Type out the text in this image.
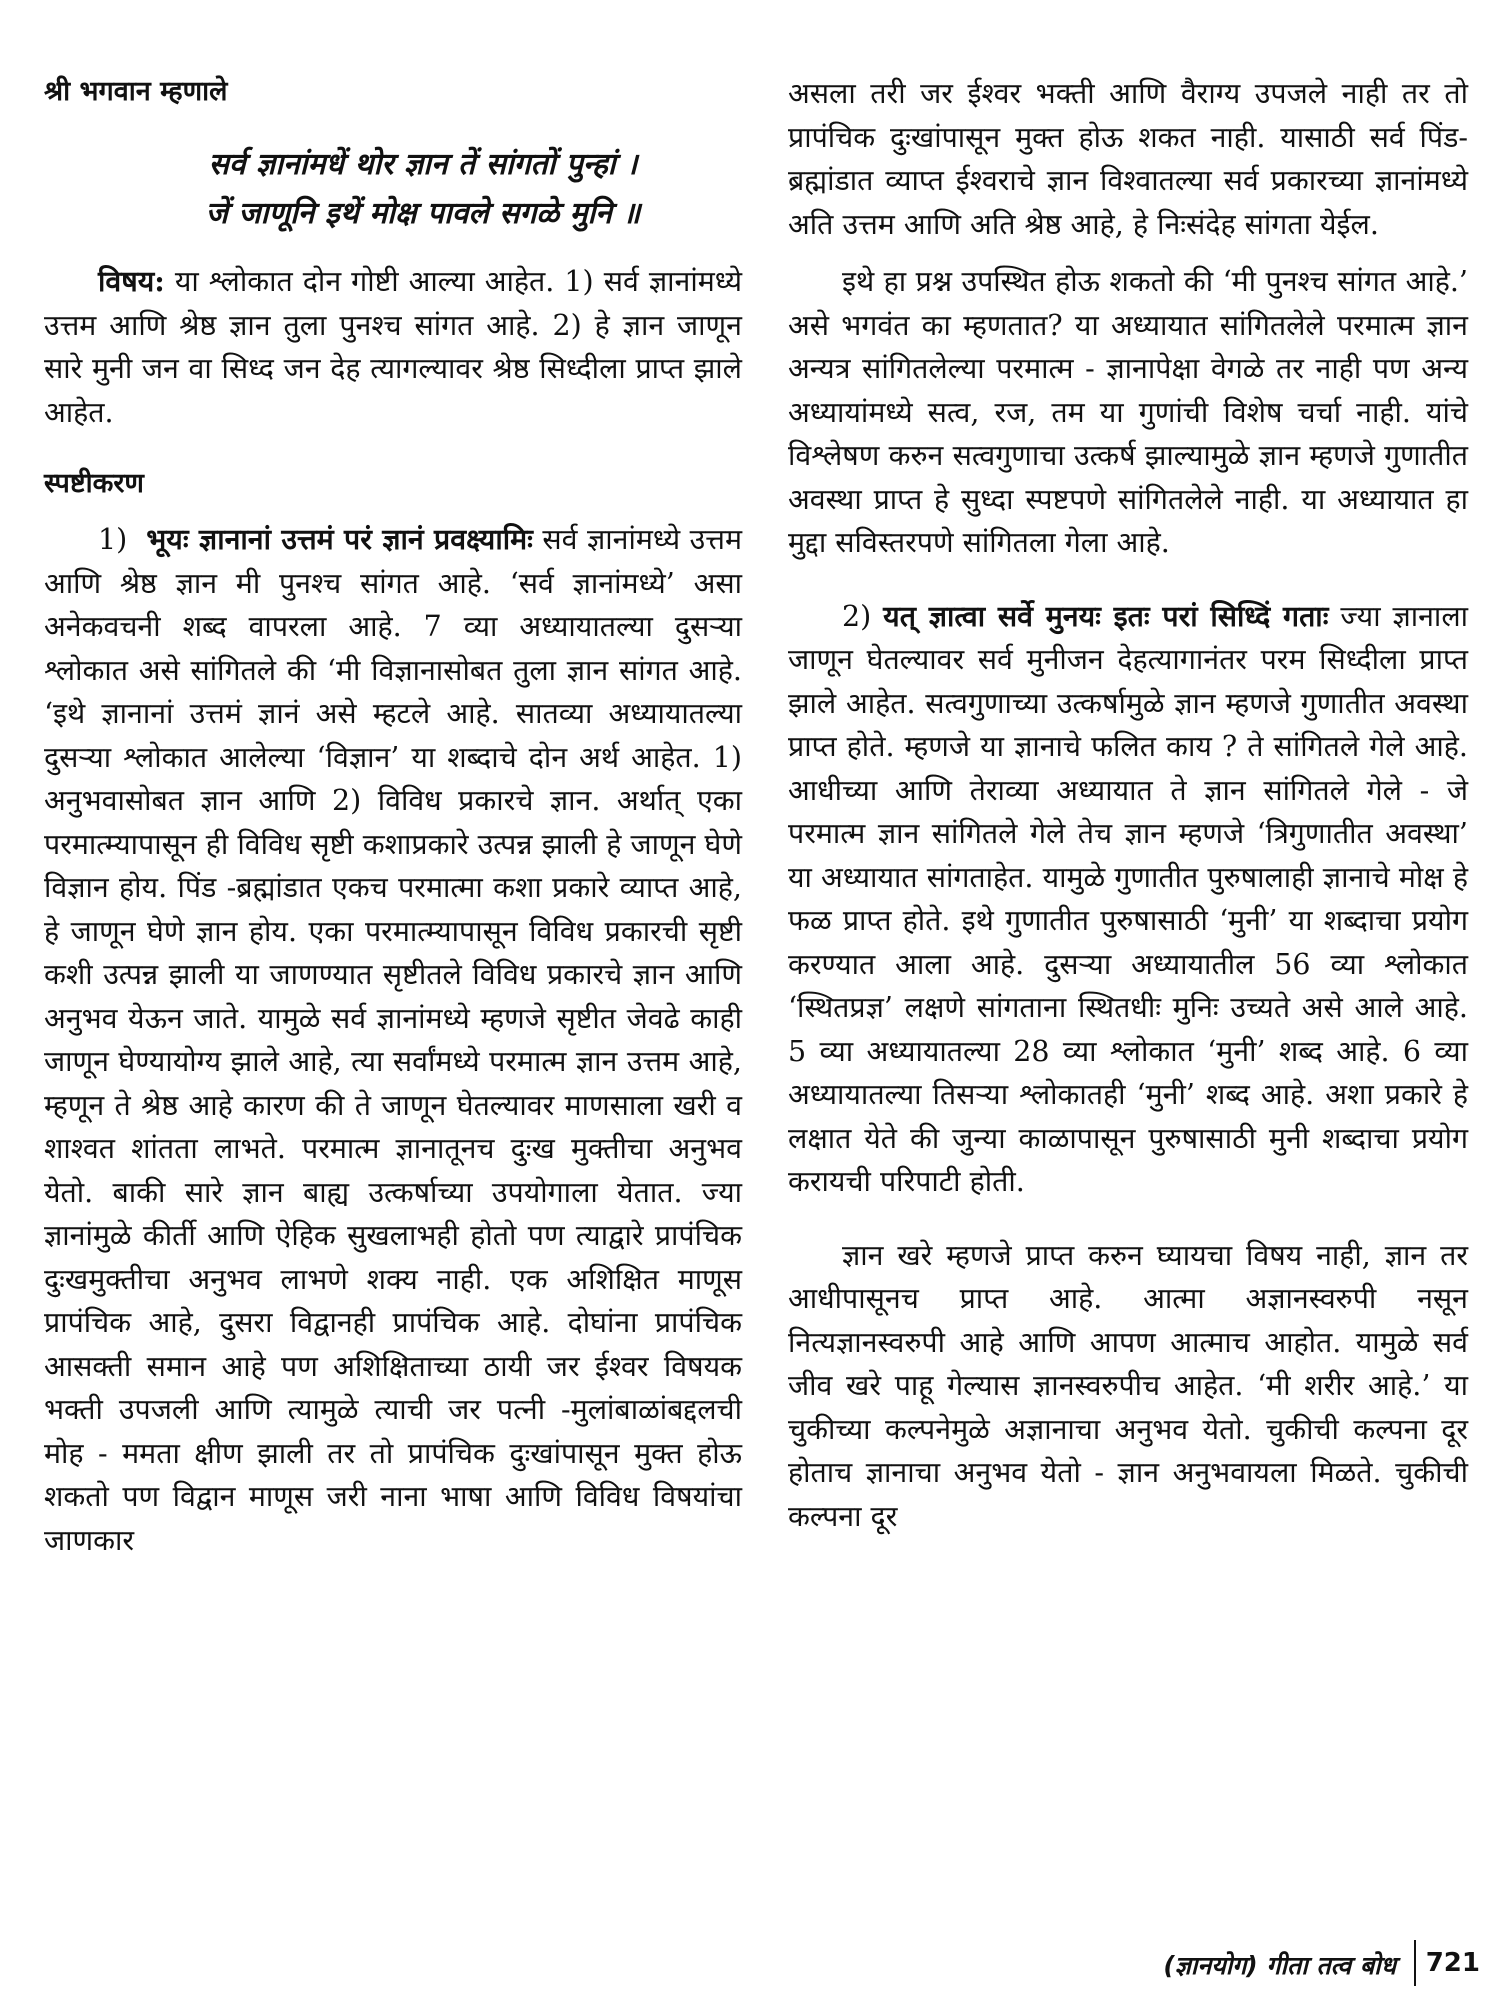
श्री भगवान म्हणाले

सर्व ज्ञानांमधें थोर ज्ञान तें सांगतों पुन्हां ।
जें जाणूनि इथें मोक्ष पावले सगळे मुनि ॥

विषय: या श्लोकात दोन गोष्टी आल्या आहेत. 1) सर्व ज्ञानांमध्ये उत्तम आणि श्रेष्ठ ज्ञान तुला पुनश्च सांगत आहे. 2) हे ज्ञान जाणून सारे मुनी जन वा सिध्द जन देह त्यागल्यावर श्रेष्ठ सिध्दीला प्राप्त झाले आहेत.

स्पष्टीकरण

1) भूयः ज्ञानानां उत्तमं परं ज्ञानं प्रवक्ष्यामिः सर्व ज्ञानांमध्ये उत्तम आणि श्रेष्ठ ज्ञान मी पुनश्च सांगत आहे. ‘सर्व ज्ञानांमध्ये’ असा अनेकवचनी शब्द वापरला आहे. 7 व्या अध्यायातल्या दुसऱ्या श्लोकात असे सांगितले की ‘मी विज्ञानासोबत तुला ज्ञान सांगत आहे. ‘इथे ज्ञानानां उत्तमं ज्ञानं असे म्हटले आहे. सातव्या अध्यायातल्या दुसऱ्या श्लोकात आलेल्या ‘विज्ञान’ या शब्दाचे दोन अर्थ आहेत. 1) अनुभवासोबत ज्ञान आणि 2) विविध प्रकारचे ज्ञान. अर्थात् एका परमात्म्यापासून ही विविध सृष्टी कशाप्रकारे उत्पन्न झाली हे जाणून घेणे विज्ञान होय. पिंड -ब्रह्मांडात एकच परमात्मा कशा प्रकारे व्याप्त आहे, हे जाणून घेणे ज्ञान होय. एका परमात्म्यापासून विविध प्रकारची सृष्टी कशी उत्पन्न झाली या जाणण्यात सृष्टीतले विविध प्रकारचे ज्ञान आणि अनुभव येऊन जाते. यामुळे सर्व ज्ञानांमध्ये म्हणजे सृष्टीत जेवढे काही जाणून घेण्यायोग्य झाले आहे, त्या सर्वांमध्ये परमात्म ज्ञान उत्तम आहे, म्हणून ते श्रेष्ठ आहे कारण की ते जाणून घेतल्यावर माणसाला खरी व शाश्वत शांतता लाभते. परमात्म ज्ञानातूनच दुःख मुक्तीचा अनुभव येतो. बाकी सारे ज्ञान बाह्य उत्कर्षाच्या उपयोगाला येतात. ज्या ज्ञानांमुळे कीर्ती आणि ऐहिक सुखलाभही होतो पण त्याद्वारे प्रापंचिक दुःखमुक्तीचा अनुभव लाभणे शक्य नाही. एक अशिक्षित माणूस प्रापंचिक आहे, दुसरा विद्वानही प्रापंचिक आहे. दोघांना प्रापंचिक आसक्ती समान आहे पण अशिक्षिताच्या ठायी जर ईश्वर विषयक भक्ती उपजली आणि त्यामुळे त्याची जर पत्नी -मुलांबाळांबद्दलची मोह - ममता क्षीण झाली तर तो प्रापंचिक दुःखांपासून मुक्त होऊ शकतो पण विद्वान माणूस जरी नाना भाषा आणि विविध विषयांचा जाणकार

असला तरी जर ईश्वर भक्ती आणि वैराग्य उपजले नाही तर तो प्रापंचिक दुःखांपासून मुक्त होऊ शकत नाही. यासाठी सर्व पिंड-ब्रह्मांडात व्याप्त ईश्वराचे ज्ञान विश्वातल्या सर्व प्रकारच्या ज्ञानांमध्ये अति उत्तम आणि अति श्रेष्ठ आहे, हे निःसंदेह सांगता येईल.

इथे हा प्रश्न उपस्थित होऊ शकतो की ‘मी पुनश्च सांगत आहे.’ असे भगवंत का म्हणतात? या अध्यायात सांगितलेले परमात्म ज्ञान अन्यत्र सांगितलेल्या परमात्म - ज्ञानापेक्षा वेगळे तर नाही पण अन्य अध्यायांमध्ये सत्व, रज, तम या गुणांची विशेष चर्चा नाही. यांचे विश्लेषण करुन सत्वगुणाचा उत्कर्ष झाल्यामुळे ज्ञान म्हणजे गुणातीत अवस्था प्राप्त हे सुध्दा स्पष्टपणे सांगितलेले नाही. या अध्यायात हा मुद्दा सविस्तरपणे सांगितला गेला आहे.

2) यत् ज्ञात्वा सर्वे मुनयः इतः परां सिध्दिं गताः ज्या ज्ञानाला जाणून घेतल्यावर सर्व मुनीजन देहत्यागानंतर परम सिध्दीला प्राप्त झाले आहेत. सत्वगुणाच्या उत्कर्षामुळे ज्ञान म्हणजे गुणातीत अवस्था प्राप्त होते. म्हणजे या ज्ञानाचे फलित काय ? ते सांगितले गेले आहे. आधीच्या आणि तेराव्या अध्यायात ते ज्ञान सांगितले गेले - जे परमात्म ज्ञान सांगितले गेले तेच ज्ञान म्हणजे ‘त्रिगुणातीत अवस्था’ या अध्यायात सांगताहेत. यामुळे गुणातीत पुरुषालाही ज्ञानाचे मोक्ष हे फळ प्राप्त होते. इथे गुणातीत पुरुषासाठी ‘मुनी’ या शब्दाचा प्रयोग करण्यात आला आहे. दुसऱ्या अध्यायातील 56 व्या श्लोकात ‘स्थितप्रज्ञ’ लक्षणे सांगताना स्थितधीः मुनिः उच्यते असे आले आहे. 5 व्या अध्यायातल्या 28 व्या श्लोकात ‘मुनी’ शब्द आहे. 6 व्या अध्यायातल्या तिसऱ्या श्लोकातही ‘मुनी’ शब्द आहे. अशा प्रकारे हे लक्षात येते की जुन्या काळापासून पुरुषासाठी मुनी शब्दाचा प्रयोग करायची परिपाटी होती.

ज्ञान खरे म्हणजे प्राप्त करुन घ्यायचा विषय नाही, ज्ञान तर आधीपासूनच प्राप्त आहे. आत्मा अज्ञानस्वरुपी नसून नित्यज्ञानस्वरुपी आहे आणि आपण आत्माच आहोत. यामुळे सर्व जीव खरे पाहू गेल्यास ज्ञानस्वरुपीच आहेत. ‘मी शरीर आहे.’ या चुकीच्या कल्पनेमुळे अज्ञानाचा अनुभव येतो. चुकीची कल्पना दूर होताच ज्ञानाचा अनुभव येतो - ज्ञान अनुभवायला मिळते. चुकीची कल्पना दूर

(ज्ञानयोग) गीता तत्व बोध 721
